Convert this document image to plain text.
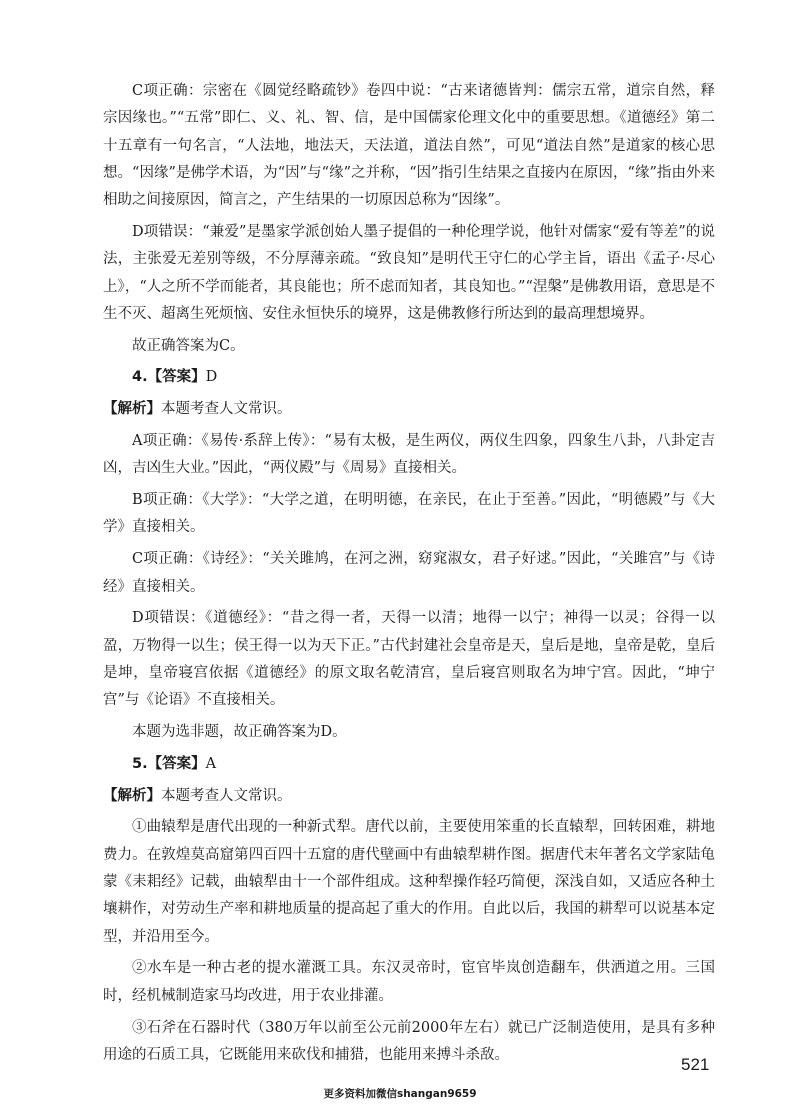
C项正确：宗密在《圆觉经略疏钞》卷四中说：“古来诸德皆判：儒宗五常，道宗自然，释宗因缘也。”“五常”即仁、义、礼、智、信，是中国儒家伦理文化中的重要思想。《道德经》第二十五章有一句名言，“人法地，地法天，天法道，道法自然”，可见“道法自然”是道家的核心思想。“因缘”是佛学术语，为“因”与“缘”之并称，“因”指引生结果之直接内在原因，“缘”指由外来相助之间接原因，简言之，产生结果的一切原因总称为“因缘”。

D项错误：“兼爱”是墨家学派创始人墨子提倡的一种伦理学说，他针对儒家“爱有等差”的说法，主张爱无差别等级，不分厚薄亲疏。“致良知”是明代王守仁的心学主旨，语出《孟子·尽心上》，“人之所不学而能者，其良能也；所不虑而知者，其良知也。”“涅槃”是佛教用语，意思是不生不灭、超离生死烦恼、安住永恒快乐的境界，这是佛教修行所达到的最高理想境界。

故正确答案为C。

4.【答案】D

【解析】本题考查人文常识。

A项正确：《易传·系辞上传》：“易有太极，是生两仪，两仪生四象，四象生八卦，八卦定吉凶，吉凶生大业。”因此，“两仪殿”与《周易》直接相关。

B项正确：《大学》：“大学之道，在明明德，在亲民，在止于至善。”因此，“明德殿”与《大学》直接相关。

C项正确：《诗经》：“关关雎鸠，在河之洲，窈窕淑女，君子好逑。”因此，“关雎宫”与《诗经》直接相关。

D项错误：《道德经》：“昔之得一者，天得一以清；地得一以宁；神得一以灵；谷得一以盈，万物得一以生；侯王得一以为天下正。”古代封建社会皇帝是天，皇后是地，皇帝是乾，皇后是坤，皇帝寝宫依据《道德经》的原文取名乾清宫，皇后寝宫则取名为坤宁宫。因此，“坤宁宫”与《论语》不直接相关。

本题为选非题，故正确答案为D。

5.【答案】A

【解析】本题考查人文常识。

①曲辕犁是唐代出现的一种新式犁。唐代以前，主要使用笨重的长直辕犁，回转困难，耕地费力。在敦煌莫高窟第四百四十五窟的唐代壁画中有曲辕犁耕作图。据唐代末年著名文学家陆龟蒙《耒耜经》记载，曲辕犁由十一个部件组成。这种犁操作轻巧简便，深浅自如，又适应各种土壤耕作，对劳动生产率和耕地质量的提高起了重大的作用。自此以后，我国的耕犁可以说基本定型，并沿用至今。

②水车是一种古老的提水灌溉工具。东汉灵帝时，宦官毕岚创造翻车，供洒道之用。三国时，经机械制造家马均改进，用于农业排灌。

③石斧在石器时代（380万年以前至公元前2000年左右）就已广泛制造使用，是具有多种用途的石质工具，它既能用来砍伐和捕猎，也能用来搏斗杀敌。

521
更多资料加微信shangan9659
